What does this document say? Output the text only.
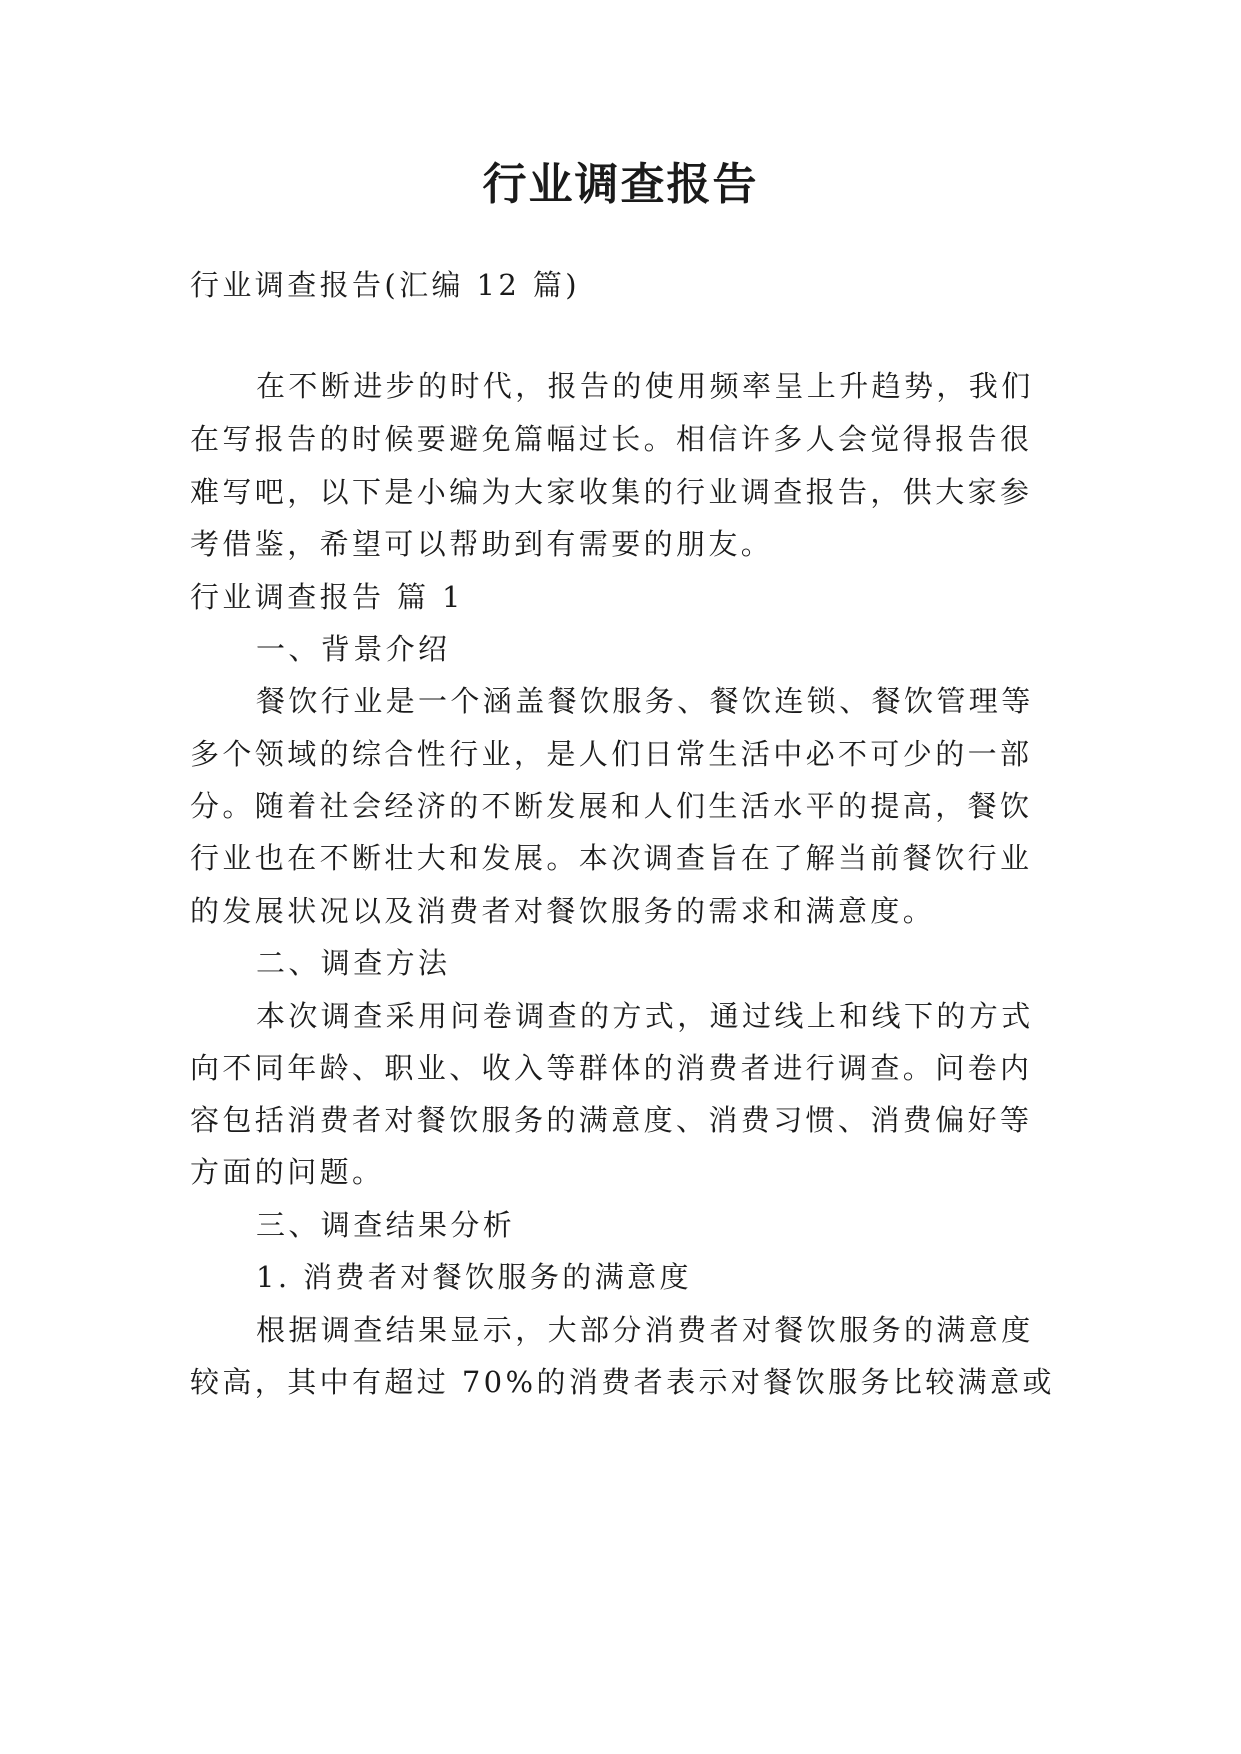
行业调查报告
行业调查报告(汇编 12 篇)
在不断进步的时代，报告的使用频率呈上升趋势，我们
在写报告的时候要避免篇幅过长。相信许多人会觉得报告很
难写吧，以下是小编为大家收集的行业调查报告，供大家参
考借鉴，希望可以帮助到有需要的朋友。
行业调查报告 篇 1
一、背景介绍
餐饮行业是一个涵盖餐饮服务、餐饮连锁、餐饮管理等
多个领域的综合性行业，是人们日常生活中必不可少的一部
分。随着社会经济的不断发展和人们生活水平的提高，餐饮
行业也在不断壮大和发展。本次调查旨在了解当前餐饮行业
的发展状况以及消费者对餐饮服务的需求和满意度。
二、调查方法
本次调查采用问卷调查的方式，通过线上和线下的方式
向不同年龄、职业、收入等群体的消费者进行调查。问卷内
容包括消费者对餐饮服务的满意度、消费习惯、消费偏好等
方面的问题。
三、调查结果分析
1. 消费者对餐饮服务的满意度
根据调查结果显示，大部分消费者对餐饮服务的满意度
较高，其中有超过 70%的消费者表示对餐饮服务比较满意或
